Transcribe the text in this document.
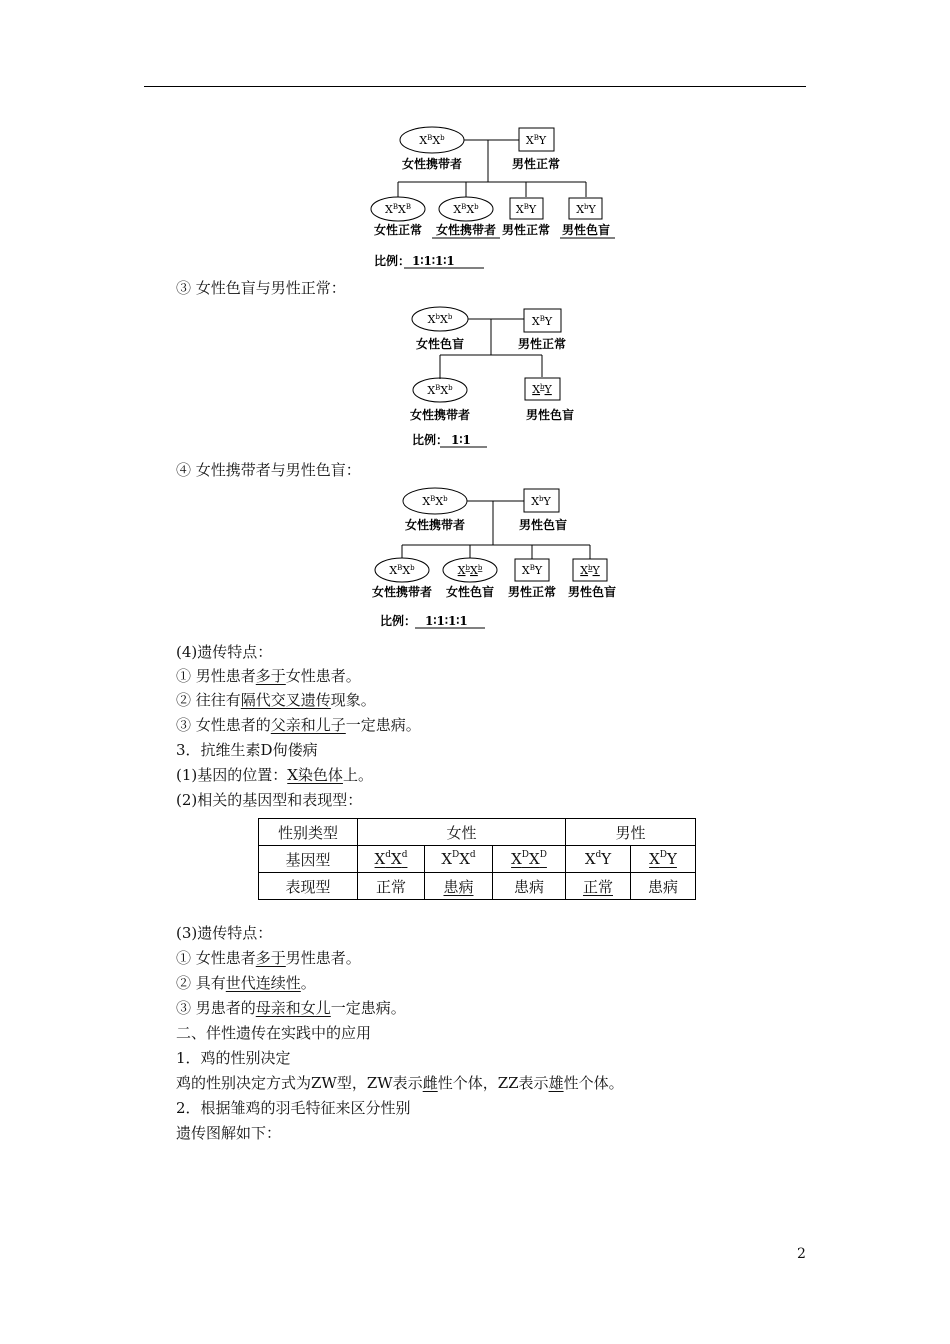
$X^BX^b$	$X^BY$
女性携带者	男性正常
$X^BX^B$	$X^BX^b$	$X^BY$	$X^bY$
女性正常 女性携带者 男性正常 男性色盲
比例： 1∶1∶1∶1
③ 女性色盲与男性正常：
$X^bX^b$	$X^BY$
女性色盲	男性正常
$X^BX^b$	$X^bY$
女性携带者	男性色盲
比例： 1∶1
④ 女性携带者与男性色盲：
$X^BX^b$	$X^bY$
女性携带者	男性色盲
$X^BX^b$	$X^bX^b$	$X^BY$	$X^bY$
女性携带者 女性色盲 男性正常 男性色盲
比例： 1∶1∶1∶1
(4)遗传特点：
① 男性患者多于女性患者。
② 往往有隔代交叉遗传现象。
③ 女性患者的父亲和儿子一定患病。
3．抗维生素D佝偻病
(1)基因的位置：X染色体上。
(2)相关的基因型和表现型：
性别类型	女性			男性	
基因型	$X^dX^d$	$X^DX^d$	$X^DX^D$	$X^dY$	$X^DY$
表现型	正常	患病	患病	正常	患病
(3)遗传特点：
① 女性患者多于男性患者。
② 具有世代连续性。
③ 男患者的母亲和女儿一定患病。
二、伴性遗传在实践中的应用
1．鸡的性别决定
鸡的性别决定方式为ZW型，ZW表示雌性个体，ZZ表示雄性个体。
2．根据雏鸡的羽毛特征来区分性别
遗传图解如下：
2
